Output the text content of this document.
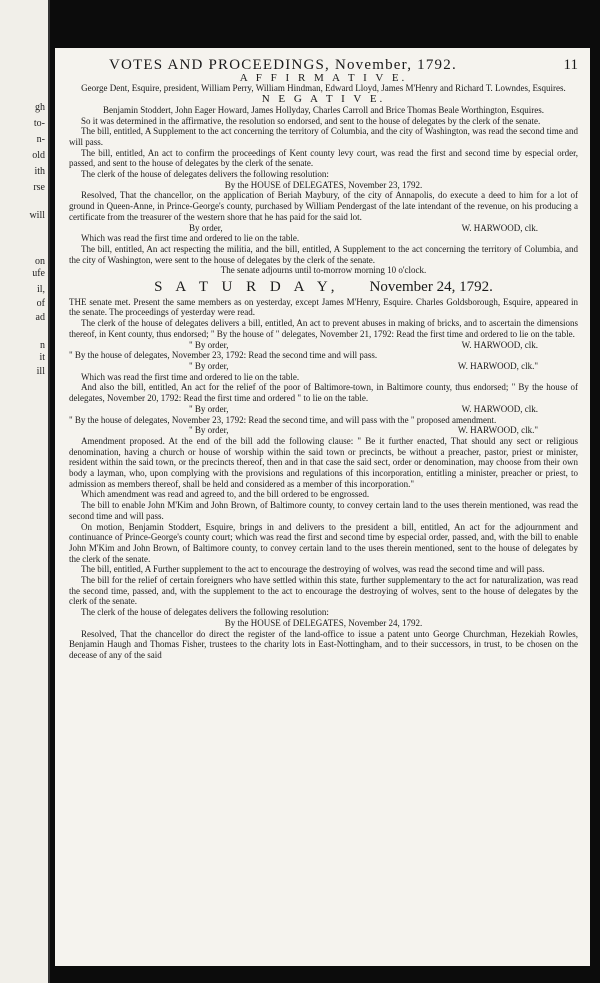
gh
to-
n-
old
ith
rse
will
on
ufe
il,
of
ad
n
it
ill
VOTES AND PROCEEDINGS, November, 1792.	11
A F F I R M A T I V E.

George Dent, Esquire, president, William Perry, William Hindman, Edward Lloyd, James M'Henry and Richard T. Lowndes, Esquires.

N E G A T I V E.

Benjamin Stoddert, John Eager Howard, James Hollyday, Charles Carroll and Brice Thomas Beale Worthington, Esquires.

So it was determined in the affirmative, the resolution so endorsed, and sent to the house of delegates by the clerk of the senate.

The bill, entitled, A Supplement to the act concerning the territory of Columbia, and the city of Washington, was read the second time and will pass.

The bill, entitled, An act to confirm the proceedings of Kent county levy court, was read the first and second time by especial order, passed, and sent to the house of delegates by the clerk of the senate.

The clerk of the house of delegates delivers the following resolution:

By the HOUSE of DELEGATES, November 23, 1792.

Resolved, That the chancellor, on the application of Beriah Maybury, of the city of Annapolis, do execute a deed to him for a lot of ground in Queen-Anne, in Prince-George's county, purchased by William Pendergast of the late intendant of the revenue, on his producing a certificate from the treasurer of the western shore that he has paid for the said lot.

By order,	W. HARWOOD, clk.

Which was read the first time and ordered to lie on the table.

The bill, entitled, An act respecting the militia, and the bill, entitled, A Supplement to the act concerning the territory of Columbia, and the city of Washington, were sent to the house of delegates by the clerk of the senate.

The senate adjourns until to-morrow morning 10 o'clock.
S A T U R D A Y, November 24, 1792.

THE senate met. Present the same members as on yesterday, except James M'Henry, Esquire. Charles Goldsborough, Esquire, appeared in the senate. The proceedings of yesterday were read.

The clerk of the house of delegates delivers a bill, entitled, An act to prevent abuses in making of bricks, and to ascertain the dimensions thereof, in Kent county, thus endorsed; " By the house of " delegates, November 21, 1792: Read the first time and ordered to lie on the table.

" By order,	W. HARWOOD, clk.

" By the house of delegates, November 23, 1792: Read the second time and will pass.

" By order,	W. HARWOOD, clk."

Which was read the first time and ordered to lie on the table.

And also the bill, entitled, An act for the relief of the poor of Baltimore-town, in Baltimore county, thus endorsed; " By the house of delegates, November 20, 1792: Read the first time and ordered " to lie on the table.

" By order,	W. HARWOOD, clk.

" By the house of delegates, November 23, 1792: Read the second time, and will pass with the " proposed amendment.

" By order,	W. HARWOOD, clk."

Amendment proposed. At the end of the bill add the following clause: " Be it further enacted, That should any sect or religious denomination, having a church or house of worship within the said town or precincts, be without a preacher, pastor, priest or minister, resident within the said town, or the precincts thereof, then and in that case the said sect, order or denomination, may choose from their own body a layman, who, upon complying with the provisions and regulations of this incorporation, entitling a minister, preacher or priest, to admission as members thereof, shall be held and considered as a member of this incorporation."

Which amendment was read and agreed to, and the bill ordered to be engrossed.

The bill to enable John M'Kim and John Brown, of Baltimore county, to convey certain land to the uses therein mentioned, was read the second time and will pass.

On motion, Benjamin Stoddert, Esquire, brings in and delivers to the president a bill, entitled, An act for the adjournment and continuance of Prince-George's county court; which was read the first and second time by especial order, passed, and, with the bill to enable John M'Kim and John Brown, of Baltimore county, to convey certain land to the uses therein mentioned, sent to the house of delegates by the clerk of the senate.

The bill, entitled, A Further supplement to the act to encourage the destroying of wolves, was read the second time and will pass.

The bill for the relief of certain foreigners who have settled within this state, further supplementary to the act for naturalization, was read the second time, passed, and, with the supplement to the act to encourage the destroying of wolves, sent to the house of delegates by the clerk of the senate.

The clerk of the house of delegates delivers the following resolution:

By the HOUSE of DELEGATES, November 24, 1792.

Resolved, That the chancellor do direct the register of the land-office to issue a patent unto George Churchman, Hezekiah Rowles, Benjamin Haugh and Thomas Fisher, trustees to the charity lots in East-Nottingham, and to their successors, in trust, to be chosen on the decease of any of the said
